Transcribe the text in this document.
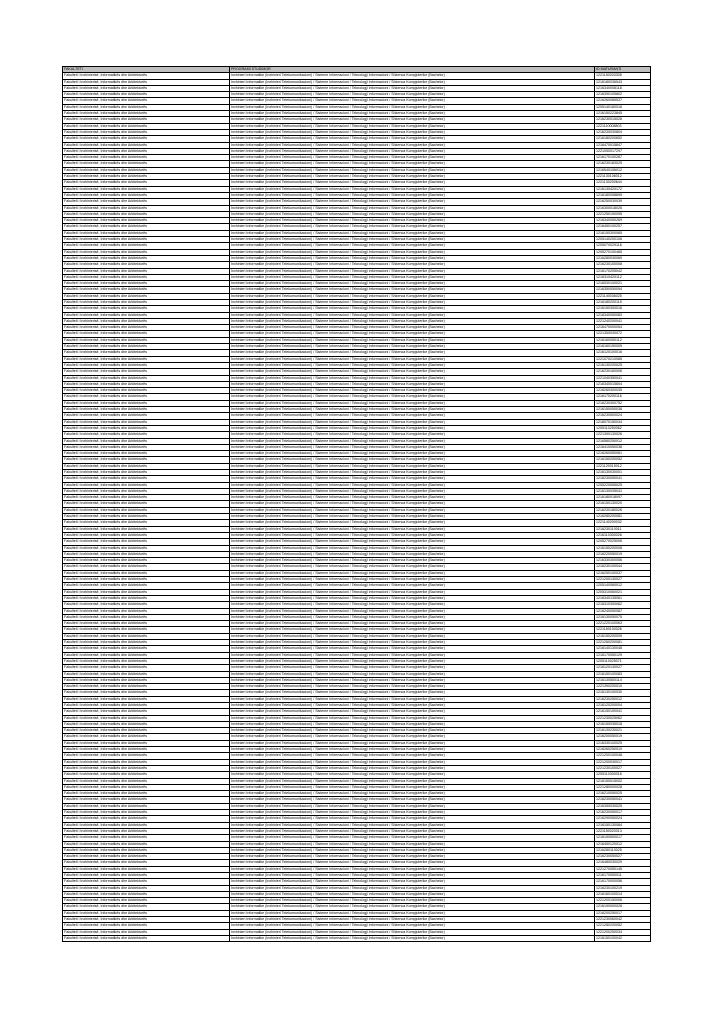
FAKULTETI	PROGRAMI STUDIMOR	ID MATURANTI
Fakulteti i Inxhinierisë, Informatikës dhe Arkitekturës	Inxhinieri Informatike (Inxhinieri Telekomunikacioni) / Sisteme Informacioni / Teknologji Informacioni / Shkenca Kompjuterike (Bachelor)	1221150203305
Fakulteti i Inxhinierisë, Informatikës dhe Arkitekturës	Inxhinieri Informatike (Inxhinieri Telekomunikacioni) / Sisteme Informacioni / Teknologji Informacioni / Shkenca Kompjuterike (Bachelor)	1216180036543
Fakulteti i Inxhinierisë, Informatikës dhe Arkitekturës	Inxhinieri Informatike (Inxhinieri Telekomunikacioni) / Sisteme Informacioni / Teknologji Informacioni / Shkenca Kompjuterike (Bachelor)	1216340008118
Fakulteti i Inxhinierisë, Informatikës dhe Arkitekturës	Inxhinieri Informatike (Inxhinieri Telekomunikacioni) / Sisteme Informacioni / Teknologji Informacioni / Shkenca Kompjuterike (Bachelor)	1216390105802
Fakulteti i Inxhinierisë, Informatikës dhe Arkitekturës	Inxhinieri Informatike (Inxhinieri Telekomunikacioni) / Sisteme Informacioni / Teknologji Informacioni / Shkenca Kompjuterike (Bachelor)	1216260085537
Fakulteti i Inxhinierisë, Informatikës dhe Arkitekturës	Inxhinieri Informatike (Inxhinieri Telekomunikacioni) / Sisteme Informacioni / Teknologji Informacioni / Shkenca Kompjuterike (Bachelor)	1205140160016
Fakulteti i Inxhinierisë, Informatikës dhe Arkitekturës	Inxhinieri Informatike (Inxhinieri Telekomunikacioni) / Sisteme Informacioni / Teknologji Informacioni / Shkenca Kompjuterike (Bachelor)	1216150223845
Fakulteti i Inxhinierisë, Informatikës dhe Arkitekturës	Inxhinieri Informatike (Inxhinieri Telekomunikacioni) / Sisteme Informacioni / Teknologji Informacioni / Shkenca Kompjuterike (Bachelor)	1216230015026
Fakulteti i Inxhinierisë, Informatikës dhe Arkitekturës	Inxhinieri Informatike (Inxhinieri Telekomunikacioni) / Sisteme Informacioni / Teknologji Informacioni / Shkenca Kompjuterike (Bachelor)	1221110008803
Fakulteti i Inxhinierisë, Informatikës dhe Arkitekturës	Inxhinieri Informatike (Inxhinieri Telekomunikacioni) / Sisteme Informacioni / Teknologji Informacioni / Shkenca Kompjuterike (Bachelor)	1216230030804
Fakulteti i Inxhinierisë, Informatikës dhe Arkitekturës	Inxhinieri Informatike (Inxhinieri Telekomunikacioni) / Sisteme Informacioni / Teknologji Informacioni / Shkenca Kompjuterike (Bachelor)	1216180200652
Fakulteti i Inxhinierisë, Informatikës dhe Arkitekturës	Inxhinieri Informatike (Inxhinieri Telekomunikacioni) / Sisteme Informacioni / Teknologji Informacioni / Shkenca Kompjuterike (Bachelor)	1216470015847
Fakulteti i Inxhinierisë, Informatikës dhe Arkitekturës	Inxhinieri Informatike (Inxhinieri Telekomunikacioni) / Sisteme Informacioni / Teknologji Informacioni / Shkenca Kompjuterike (Bachelor)	1221050017297
Fakulteti i Inxhinierisë, Informatikës dhe Arkitekturës	Inxhinieri Informatike (Inxhinieri Telekomunikacioni) / Sisteme Informacioni / Teknologji Informacioni / Shkenca Kompjuterike (Bachelor)	1216170100287
Fakulteti i Inxhinierisë, Informatikës dhe Arkitekturës	Inxhinieri Informatike (Inxhinieri Telekomunikacioni) / Sisteme Informacioni / Teknologji Informacioni / Shkenca Kompjuterike (Bachelor)	1216230183025
Fakulteti i Inxhinierisë, Informatikës dhe Arkitekturës	Inxhinieri Informatike (Inxhinieri Telekomunikacioni) / Sisteme Informacioni / Teknologji Informacioni / Shkenca Kompjuterike (Bachelor)	1216540106012
Fakulteti i Inxhinierisë, Informatikës dhe Arkitekturës	Inxhinieri Informatike (Inxhinieri Telekomunikacioni) / Sisteme Informacioni / Teknologji Informacioni / Shkenca Kompjuterike (Bachelor)	1221130106012
Fakulteti i Inxhinierisë, Informatikës dhe Arkitekturës	Inxhinieri Informatike (Inxhinieri Telekomunikacioni) / Sisteme Informacioni / Teknologji Informacioni / Shkenca Kompjuterike (Bachelor)	1221130200644
Fakulteti i Inxhinierisë, Informatikës dhe Arkitekturës	Inxhinieri Informatike (Inxhinieri Telekomunikacioni) / Sisteme Informacioni / Teknologji Informacioni / Shkenca Kompjuterike (Bachelor)	1216130420172
Fakulteti i Inxhinierisë, Informatikës dhe Arkitekturës	Inxhinieri Informatike (Inxhinieri Telekomunikacioni) / Sisteme Informacioni / Teknologji Informacioni / Shkenca Kompjuterike (Bachelor)	1216180058895
Fakulteti i Inxhinierisë, Informatikës dhe Arkitekturës	Inxhinieri Informatike (Inxhinieri Telekomunikacioni) / Sisteme Informacioni / Teknologji Informacioni / Shkenca Kompjuterike (Bachelor)	1216250030039
Fakulteti i Inxhinierisë, Informatikës dhe Arkitekturës	Inxhinieri Informatike (Inxhinieri Telekomunikacioni) / Sisteme Informacioni / Teknologji Informacioni / Shkenca Kompjuterike (Bachelor)	1216300018026
Fakulteti i Inxhinierisë, Informatikës dhe Arkitekturës	Inxhinieri Informatike (Inxhinieri Telekomunikacioni) / Sisteme Informacioni / Teknologji Informacioni / Shkenca Kompjuterike (Bachelor)	1221250190095
Fakulteti i Inxhinierisë, Informatikës dhe Arkitekturës	Inxhinieri Informatike (Inxhinieri Telekomunikacioni) / Sisteme Informacioni / Teknologji Informacioni / Shkenca Kompjuterike (Bachelor)	1216340050269
Fakulteti i Inxhinierisë, Informatikës dhe Arkitekturës	Inxhinieri Informatike (Inxhinieri Telekomunikacioni) / Sisteme Informacioni / Teknologji Informacioni / Shkenca Kompjuterike (Bachelor)	1216450100257
Fakulteti i Inxhinierisë, Informatikës dhe Arkitekturës	Inxhinieri Informatike (Inxhinieri Telekomunikacioni) / Sisteme Informacioni / Teknologji Informacioni / Shkenca Kompjuterike (Bachelor)	1216150300065
Fakulteti i Inxhinierisë, Informatikës dhe Arkitekturës	Inxhinieri Informatike (Inxhinieri Telekomunikacioni) / Sisteme Informacioni / Teknologji Informacioni / Shkenca Kompjuterike (Bachelor)	1205140200106
Fakulteti i Inxhinierisë, Informatikës dhe Arkitekturës	Inxhinieri Informatike (Inxhinieri Telekomunikacioni) / Sisteme Informacioni / Teknologji Informacioni / Shkenca Kompjuterike (Bachelor)	1205070029116
Fakulteti i Inxhinierisë, Informatikës dhe Arkitekturës	Inxhinieri Informatike (Inxhinieri Telekomunikacioni) / Sisteme Informacioni / Teknologji Informacioni / Shkenca Kompjuterike (Bachelor)	1205270100465
Fakulteti i Inxhinierisë, Informatikës dhe Arkitekturës	Inxhinieri Informatike (Inxhinieri Telekomunikacioni) / Sisteme Informacioni / Teknologji Informacioni / Shkenca Kompjuterike (Bachelor)	1216280030069
Fakulteti i Inxhinierisë, Informatikës dhe Arkitekturës	Inxhinieri Informatike (Inxhinieri Telekomunikacioni) / Sisteme Informacioni / Teknologji Informacioni / Shkenca Kompjuterike (Bachelor)	1216230100008
Fakulteti i Inxhinierisë, Informatikës dhe Arkitekturës	Inxhinieri Informatike (Inxhinieri Telekomunikacioni) / Sisteme Informacioni / Teknologji Informacioni / Shkenca Kompjuterike (Bachelor)	1216170205042
Fakulteti i Inxhinierisë, Informatikës dhe Arkitekturës	Inxhinieri Informatike (Inxhinieri Telekomunikacioni) / Sisteme Informacioni / Teknologji Informacioni / Shkenca Kompjuterike (Bachelor)	1216310420112
Fakulteti i Inxhinierisë, Informatikës dhe Arkitekturës	Inxhinieri Informatike (Inxhinieri Telekomunikacioni) / Sisteme Informacioni / Teknologji Informacioni / Shkenca Kompjuterike (Bachelor)	1216530100021
Fakulteti i Inxhinierisë, Informatikës dhe Arkitekturës	Inxhinieri Informatike (Inxhinieri Telekomunikacioni) / Sisteme Informacioni / Teknologji Informacioni / Shkenca Kompjuterike (Bachelor)	1216350050094
Fakulteti i Inxhinierisë, Informatikës dhe Arkitekturës	Inxhinieri Informatike (Inxhinieri Telekomunikacioni) / Sisteme Informacioni / Teknologji Informacioni / Shkenca Kompjuterike (Bachelor)	1221140036025
Fakulteti i Inxhinierisë, Informatikës dhe Arkitekturës	Inxhinieri Informatike (Inxhinieri Telekomunikacioni) / Sisteme Informacioni / Teknologji Informacioni / Shkenca Kompjuterike (Bachelor)	1216180200115
Fakulteti i Inxhinierisë, Informatikës dhe Arkitekturës	Inxhinieri Informatike (Inxhinieri Telekomunikacioni) / Sisteme Informacioni / Teknologji Informacioni / Shkenca Kompjuterike (Bachelor)	1216150300016
Fakulteti i Inxhinierisë, Informatikës dhe Arkitekturës	Inxhinieri Informatike (Inxhinieri Telekomunikacioni) / Sisteme Informacioni / Teknologji Informacioni / Shkenca Kompjuterike (Bachelor)	1216340050083
Fakulteti i Inxhinierisë, Informatikës dhe Arkitekturës	Inxhinieri Informatike (Inxhinieri Telekomunikacioni) / Sisteme Informacioni / Teknologji Informacioni / Shkenca Kompjuterike (Bachelor)	1221240200041
Fakulteti i Inxhinierisë, Informatikës dhe Arkitekturës	Inxhinieri Informatike (Inxhinieri Telekomunikacioni) / Sisteme Informacioni / Teknologji Informacioni / Shkenca Kompjuterike (Bachelor)	1216470000054
Fakulteti i Inxhinierisë, Informatikës dhe Arkitekturës	Inxhinieri Informatike (Inxhinieri Telekomunikacioni) / Sisteme Informacioni / Teknologji Informacioni / Shkenca Kompjuterike (Bachelor)	1221350030072
Fakulteti i Inxhinierisë, Informatikës dhe Arkitekturës	Inxhinieri Informatike (Inxhinieri Telekomunikacioni) / Sisteme Informacioni / Teknologji Informacioni / Shkenca Kompjuterike (Bachelor)	1216160050112
Fakulteti i Inxhinierisë, Informatikës dhe Arkitekturës	Inxhinieri Informatike (Inxhinieri Telekomunikacioni) / Sisteme Informacioni / Teknologji Informacioni / Shkenca Kompjuterike (Bachelor)	1216160150005
Fakulteti i Inxhinierisë, Informatikës dhe Arkitekturës	Inxhinieri Informatike (Inxhinieri Telekomunikacioni) / Sisteme Informacioni / Teknologji Informacioni / Shkenca Kompjuterike (Bachelor)	1216120100016
Fakulteti i Inxhinierisë, Informatikës dhe Arkitekturës	Inxhinieri Informatike (Inxhinieri Telekomunikacioni) / Sisteme Informacioni / Teknologji Informacioni / Shkenca Kompjuterike (Bachelor)	1221070210085
Fakulteti i Inxhinierisë, Informatikës dhe Arkitekturës	Inxhinieri Informatike (Inxhinieri Telekomunikacioni) / Sisteme Informacioni / Teknologji Informacioni / Shkenca Kompjuterike (Bachelor)	1216130200025
Fakulteti i Inxhinierisë, Informatikës dhe Arkitekturës	Inxhinieri Informatike (Inxhinieri Telekomunikacioni) / Sisteme Informacioni / Teknologji Informacioni / Shkenca Kompjuterike (Bachelor)	1216230160006
Fakulteti i Inxhinierisë, Informatikës dhe Arkitekturës	Inxhinieri Informatike (Inxhinieri Telekomunikacioni) / Sisteme Informacioni / Teknologji Informacioni / Shkenca Kompjuterike (Bachelor)	1221040350041
Fakulteti i Inxhinierisë, Informatikës dhe Arkitekturës	Inxhinieri Informatike (Inxhinieri Telekomunikacioni) / Sisteme Informacioni / Teknologji Informacioni / Shkenca Kompjuterike (Bachelor)	1216340015804
Fakulteti i Inxhinierisë, Informatikës dhe Arkitekturës	Inxhinieri Informatike (Inxhinieri Telekomunikacioni) / Sisteme Informacioni / Teknologji Informacioni / Shkenca Kompjuterike (Bachelor)	1216260300035
Fakulteti i Inxhinierisë, Informatikës dhe Arkitekturës	Inxhinieri Informatike (Inxhinieri Telekomunikacioni) / Sisteme Informacioni / Teknologji Informacioni / Shkenca Kompjuterike (Bachelor)	1216170200116
Fakulteti i Inxhinierisë, Informatikës dhe Arkitekturës	Inxhinieri Informatike (Inxhinieri Telekomunikacioni) / Sisteme Informacioni / Teknologji Informacioni / Shkenca Kompjuterike (Bachelor)	1216230300752
Fakulteti i Inxhinierisë, Informatikës dhe Arkitekturës	Inxhinieri Informatike (Inxhinieri Telekomunikacioni) / Sisteme Informacioni / Teknologji Informacioni / Shkenca Kompjuterike (Bachelor)	1216150050038
Fakulteti i Inxhinierisë, Informatikës dhe Arkitekturës	Inxhinieri Informatike (Inxhinieri Telekomunikacioni) / Sisteme Informacioni / Teknologji Informacioni / Shkenca Kompjuterike (Bachelor)	1216230500024
Fakulteti i Inxhinierisë, Informatikës dhe Arkitekturës	Inxhinieri Informatike (Inxhinieri Telekomunikacioni) / Sisteme Informacioni / Teknologji Informacioni / Shkenca Kompjuterike (Bachelor)	1216070150034
Fakulteti i Inxhinierisë, Informatikës dhe Arkitekturës	Inxhinieri Informatike (Inxhinieri Telekomunikacioni) / Sisteme Informacioni / Teknologji Informacioni / Shkenca Kompjuterike (Bachelor)	1205110250062
Fakulteti i Inxhinierisë, Informatikës dhe Arkitekturës	Inxhinieri Informatike (Inxhinieri Telekomunikacioni) / Sisteme Informacioni / Teknologji Informacioni / Shkenca Kompjuterike (Bachelor)	1221390130026
Fakulteti i Inxhinierisë, Informatikës dhe Arkitekturës	Inxhinieri Informatike (Inxhinieri Telekomunikacioni) / Sisteme Informacioni / Teknologji Informacioni / Shkenca Kompjuterike (Bachelor)	1216580250012
Fakulteti i Inxhinierisë, Informatikës dhe Arkitekturës	Inxhinieri Informatike (Inxhinieri Telekomunikacioni) / Sisteme Informacioni / Teknologji Informacioni / Shkenca Kompjuterike (Bachelor)	1216410050038
Fakulteti i Inxhinierisë, Informatikës dhe Arkitekturës	Inxhinieri Informatike (Inxhinieri Telekomunikacioni) / Sisteme Informacioni / Teknologji Informacioni / Shkenca Kompjuterike (Bachelor)	1216260050061
Fakulteti i Inxhinierisë, Informatikës dhe Arkitekturës	Inxhinieri Informatike (Inxhinieri Telekomunikacioni) / Sisteme Informacioni / Teknologji Informacioni / Shkenca Kompjuterike (Bachelor)	1216150200052
Fakulteti i Inxhinierisë, Informatikës dhe Arkitekturës	Inxhinieri Informatike (Inxhinieri Telekomunikacioni) / Sisteme Informacioni / Teknologji Informacioni / Shkenca Kompjuterike (Bachelor)	1221120015012
Fakulteti i Inxhinierisë, Informatikës dhe Arkitekturës	Inxhinieri Informatike (Inxhinieri Telekomunikacioni) / Sisteme Informacioni / Teknologji Informacioni / Shkenca Kompjuterike (Bachelor)	1216130030001
Fakulteti i Inxhinierisë, Informatikës dhe Arkitekturës	Inxhinieri Informatike (Inxhinieri Telekomunikacioni) / Sisteme Informacioni / Teknologji Informacioni / Shkenca Kompjuterike (Bachelor)	1216230050041
Fakulteti i Inxhinierisë, Informatikës dhe Arkitekturës	Inxhinieri Informatike (Inxhinieri Telekomunikacioni) / Sisteme Informacioni / Teknologji Informacioni / Shkenca Kompjuterike (Bachelor)	1205220065025
Fakulteti i Inxhinierisë, Informatikës dhe Arkitekturës	Inxhinieri Informatike (Inxhinieri Telekomunikacioni) / Sisteme Informacioni / Teknologji Informacioni / Shkenca Kompjuterike (Bachelor)	1216130035041
Fakulteti i Inxhinierisë, Informatikës dhe Arkitekturës	Inxhinieri Informatike (Inxhinieri Telekomunikacioni) / Sisteme Informacioni / Teknologji Informacioni / Shkenca Kompjuterike (Bachelor)	1216180018097
Fakulteti i Inxhinierisë, Informatikës dhe Arkitekturës	Inxhinieri Informatike (Inxhinieri Telekomunikacioni) / Sisteme Informacioni / Teknologji Informacioni / Shkenca Kompjuterike (Bachelor)	1216150130020
Fakulteti i Inxhinierisë, Informatikës dhe Arkitekturës	Inxhinieri Informatike (Inxhinieri Telekomunikacioni) / Sisteme Informacioni / Teknologji Informacioni / Shkenca Kompjuterike (Bachelor)	1216230180026
Fakulteti i Inxhinierisë, Informatikës dhe Arkitekturës	Inxhinieri Informatike (Inxhinieri Telekomunikacioni) / Sisteme Informacioni / Teknologji Informacioni / Shkenca Kompjuterike (Bachelor)	1216280200081
Fakulteti i Inxhinierisë, Informatikës dhe Arkitekturës	Inxhinieri Informatike (Inxhinieri Telekomunikacioni) / Sisteme Informacioni / Teknologji Informacioni / Shkenca Kompjuterike (Bachelor)	1221140200032
Fakulteti i Inxhinierisë, Informatikës dhe Arkitekturës	Inxhinieri Informatike (Inxhinieri Telekomunikacioni) / Sisteme Informacioni / Teknologji Informacioni / Shkenca Kompjuterike (Bachelor)	1216230110011
Fakulteti i Inxhinierisë, Informatikës dhe Arkitekturës	Inxhinieri Informatike (Inxhinieri Telekomunikacioni) / Sisteme Informacioni / Teknologji Informacioni / Shkenca Kompjuterike (Bachelor)	1216110300026
Fakulteti i Inxhinierisë, Informatikës dhe Arkitekturës	Inxhinieri Informatike (Inxhinieri Telekomunikacioni) / Sisteme Informacioni / Teknologji Informacioni / Shkenca Kompjuterike (Bachelor)	1205270025006
Fakulteti i Inxhinierisë, Informatikës dhe Arkitekturës	Inxhinieri Informatike (Inxhinieri Telekomunikacioni) / Sisteme Informacioni / Teknologji Informacioni / Shkenca Kompjuterike (Bachelor)	1216150200008
Fakulteti i Inxhinierisë, Informatikës dhe Arkitekturës	Inxhinieri Informatike (Inxhinieri Telekomunikacioni) / Sisteme Informacioni / Teknologji Informacioni / Shkenca Kompjuterike (Bachelor)	1216220050019
Fakulteti i Inxhinierisë, Informatikës dhe Arkitekturës	Inxhinieri Informatike (Inxhinieri Telekomunikacioni) / Sisteme Informacioni / Teknologji Informacioni / Shkenca Kompjuterike (Bachelor)	1216330300056
Fakulteti i Inxhinierisë, Informatikës dhe Arkitekturës	Inxhinieri Informatike (Inxhinieri Telekomunikacioni) / Sisteme Informacioni / Teknologji Informacioni / Shkenca Kompjuterike (Bachelor)	1216230100044
Fakulteti i Inxhinierisë, Informatikës dhe Arkitekturës	Inxhinieri Informatike (Inxhinieri Telekomunikacioni) / Sisteme Informacioni / Teknologji Informacioni / Shkenca Kompjuterike (Bachelor)	1216250100037
Fakulteti i Inxhinierisë, Informatikës dhe Arkitekturës	Inxhinieri Informatike (Inxhinieri Telekomunikacioni) / Sisteme Informacioni / Teknologji Informacioni / Shkenca Kompjuterike (Bachelor)	1221200130027
Fakulteti i Inxhinierisë, Informatikës dhe Arkitekturës	Inxhinieri Informatike (Inxhinieri Telekomunikacioni) / Sisteme Informacioni / Teknologji Informacioni / Shkenca Kompjuterike (Bachelor)	1205140060012
Fakulteti i Inxhinierisë, Informatikës dhe Arkitekturës	Inxhinieri Informatike (Inxhinieri Telekomunikacioni) / Sisteme Informacioni / Teknologji Informacioni / Shkenca Kompjuterike (Bachelor)	1205310060021
Fakulteti i Inxhinierisë, Informatikës dhe Arkitekturës	Inxhinieri Informatike (Inxhinieri Telekomunikacioni) / Sisteme Informacioni / Teknologji Informacioni / Shkenca Kompjuterike (Bachelor)	1216340135061
Fakulteti i Inxhinierisë, Informatikës dhe Arkitekturës	Inxhinieri Informatike (Inxhinieri Telekomunikacioni) / Sisteme Informacioni / Teknologji Informacioni / Shkenca Kompjuterike (Bachelor)	1216310300062
Fakulteti i Inxhinierisë, Informatikës dhe Arkitekturës	Inxhinieri Informatike (Inxhinieri Telekomunikacioni) / Sisteme Informacioni / Teknologji Informacioni / Shkenca Kompjuterike (Bachelor)	1216240050087
Fakulteti i Inxhinierisë, Informatikës dhe Arkitekturës	Inxhinieri Informatike (Inxhinieri Telekomunikacioni) / Sisteme Informacioni / Teknologji Informacioni / Shkenca Kompjuterike (Bachelor)	1216130050075
Fakulteti i Inxhinierisë, Informatikës dhe Arkitekturës	Inxhinieri Informatike (Inxhinieri Telekomunikacioni) / Sisteme Informacioni / Teknologji Informacioni / Shkenca Kompjuterike (Bachelor)	1221220100063
Fakulteti i Inxhinierisë, Informatikës dhe Arkitekturës	Inxhinieri Informatike (Inxhinieri Telekomunikacioni) / Sisteme Informacioni / Teknologji Informacioni / Shkenca Kompjuterike (Bachelor)	1221150100026
Fakulteti i Inxhinierisë, Informatikës dhe Arkitekturës	Inxhinieri Informatike (Inxhinieri Telekomunikacioni) / Sisteme Informacioni / Teknologji Informacioni / Shkenca Kompjuterike (Bachelor)	1216150200009
Fakulteti i Inxhinierisë, Informatikës dhe Arkitekturës	Inxhinieri Informatike (Inxhinieri Telekomunikacioni) / Sisteme Informacioni / Teknologji Informacioni / Shkenca Kompjuterike (Bachelor)	1221260200081
Fakulteti i Inxhinierisë, Informatikës dhe Arkitekturës	Inxhinieri Informatike (Inxhinieri Telekomunikacioni) / Sisteme Informacioni / Teknologji Informacioni / Shkenca Kompjuterike (Bachelor)	1216140130048
Fakulteti i Inxhinierisë, Informatikës dhe Arkitekturës	Inxhinieri Informatike (Inxhinieri Telekomunikacioni) / Sisteme Informacioni / Teknologji Informacioni / Shkenca Kompjuterike (Bachelor)	1216170050129
Fakulteti i Inxhinierisë, Informatikës dhe Arkitekturës	Inxhinieri Informatike (Inxhinieri Telekomunikacioni) / Sisteme Informacioni / Teknologji Informacioni / Shkenca Kompjuterike (Bachelor)	1205110025071
Fakulteti i Inxhinierisë, Informatikës dhe Arkitekturës	Inxhinieri Informatike (Inxhinieri Telekomunikacioni) / Sisteme Informacioni / Teknologji Informacioni / Shkenca Kompjuterike (Bachelor)	1216120130027
Fakulteti i Inxhinierisë, Informatikës dhe Arkitekturës	Inxhinieri Informatike (Inxhinieri Telekomunikacioni) / Sisteme Informacioni / Teknologji Informacioni / Shkenca Kompjuterike (Bachelor)	1216150100083
Fakulteti i Inxhinierisë, Informatikës dhe Arkitekturës	Inxhinieri Informatike (Inxhinieri Telekomunikacioni) / Sisteme Informacioni / Teknologji Informacioni / Shkenca Kompjuterike (Bachelor)	1216130500114
Fakulteti i Inxhinierisë, Informatikës dhe Arkitekturës	Inxhinieri Informatike (Inxhinieri Telekomunikacioni) / Sisteme Informacioni / Teknologji Informacioni / Shkenca Kompjuterike (Bachelor)	1221390200010
Fakulteti i Inxhinierisë, Informatikës dhe Arkitekturës	Inxhinieri Informatike (Inxhinieri Telekomunikacioni) / Sisteme Informacioni / Teknologji Informacioni / Shkenca Kompjuterike (Bachelor)	1216130100030
Fakulteti i Inxhinierisë, Informatikës dhe Arkitekturës	Inxhinieri Informatike (Inxhinieri Telekomunikacioni) / Sisteme Informacioni / Teknologji Informacioni / Shkenca Kompjuterike (Bachelor)	1216230250012
Fakulteti i Inxhinierisë, Informatikës dhe Arkitekturës	Inxhinieri Informatike (Inxhinieri Telekomunikacioni) / Sisteme Informacioni / Teknologji Informacioni / Shkenca Kompjuterike (Bachelor)	1216120200004
Fakulteti i Inxhinierisë, Informatikës dhe Arkitekturës	Inxhinieri Informatike (Inxhinieri Telekomunikacioni) / Sisteme Informacioni / Teknologji Informacioni / Shkenca Kompjuterike (Bachelor)	1216150100041
Fakulteti i Inxhinierisë, Informatikës dhe Arkitekturës	Inxhinieri Informatike (Inxhinieri Telekomunikacioni) / Sisteme Informacioni / Teknologji Informacioni / Shkenca Kompjuterike (Bachelor)	1221230025062
Fakulteti i Inxhinierisë, Informatikës dhe Arkitekturës	Inxhinieri Informatike (Inxhinieri Telekomunikacioni) / Sisteme Informacioni / Teknologji Informacioni / Shkenca Kompjuterike (Bachelor)	1216150035018
Fakulteti i Inxhinierisë, Informatikës dhe Arkitekturës	Inxhinieri Informatike (Inxhinieri Telekomunikacioni) / Sisteme Informacioni / Teknologji Informacioni / Shkenca Kompjuterike (Bachelor)	1216130230021
Fakulteti i Inxhinierisë, Informatikës dhe Arkitekturës	Inxhinieri Informatike (Inxhinieri Telekomunikacioni) / Sisteme Informacioni / Teknologji Informacioni / Shkenca Kompjuterike (Bachelor)	1216200050019
Fakulteti i Inxhinierisë, Informatikës dhe Arkitekturës	Inxhinieri Informatike (Inxhinieri Telekomunikacioni) / Sisteme Informacioni / Teknologji Informacioni / Shkenca Kompjuterike (Bachelor)	1216330100025
Fakulteti i Inxhinierisë, Informatikës dhe Arkitekturës	Inxhinieri Informatike (Inxhinieri Telekomunikacioni) / Sisteme Informacioni / Teknologji Informacioni / Shkenca Kompjuterike (Bachelor)	1216260250010
Fakulteti i Inxhinierisë, Informatikës dhe Arkitekturës	Inxhinieri Informatike (Inxhinieri Telekomunikacioni) / Sisteme Informacioni / Teknologji Informacioni / Shkenca Kompjuterike (Bachelor)	1221200100048
Fakulteti i Inxhinierisë, Informatikës dhe Arkitekturës	Inxhinieri Informatike (Inxhinieri Telekomunikacioni) / Sisteme Informacioni / Teknologji Informacioni / Shkenca Kompjuterike (Bachelor)	1221200030017
Fakulteti i Inxhinierisë, Informatikës dhe Arkitekturës	Inxhinieri Informatike (Inxhinieri Telekomunikacioni) / Sisteme Informacioni / Teknologji Informacioni / Shkenca Kompjuterike (Bachelor)	1221230100027
Fakulteti i Inxhinierisë, Informatikës dhe Arkitekturës	Inxhinieri Informatike (Inxhinieri Telekomunikacioni) / Sisteme Informacioni / Teknologji Informacioni / Shkenca Kompjuterike (Bachelor)	1205110300016
Fakulteti i Inxhinierisë, Informatikës dhe Arkitekturës	Inxhinieri Informatike (Inxhinieri Telekomunikacioni) / Sisteme Informacioni / Teknologji Informacioni / Shkenca Kompjuterike (Bachelor)	1216150015002
Fakulteti i Inxhinierisë, Informatikës dhe Arkitekturës	Inxhinieri Informatike (Inxhinieri Telekomunikacioni) / Sisteme Informacioni / Teknologji Informacioni / Shkenca Kompjuterike (Bachelor)	1221280000028
Fakulteti i Inxhinierisë, Informatikës dhe Arkitekturës	Inxhinieri Informatike (Inxhinieri Telekomunikacioni) / Sisteme Informacioni / Teknologji Informacioni / Shkenca Kompjuterike (Bachelor)	1216210050025
Fakulteti i Inxhinierisë, Informatikës dhe Arkitekturës	Inxhinieri Informatike (Inxhinieri Telekomunikacioni) / Sisteme Informacioni / Teknologji Informacioni / Shkenca Kompjuterike (Bachelor)	1216230050041
Fakulteti i Inxhinierisë, Informatikës dhe Arkitekturës	Inxhinieri Informatike (Inxhinieri Telekomunikacioni) / Sisteme Informacioni / Teknologji Informacioni / Shkenca Kompjuterike (Bachelor)	1216350030025
Fakulteti i Inxhinierisë, Informatikës dhe Arkitekturës	Inxhinieri Informatike (Inxhinieri Telekomunikacioni) / Sisteme Informacioni / Teknologji Informacioni / Shkenca Kompjuterike (Bachelor)	1216230050017
Fakulteti i Inxhinierisë, Informatikës dhe Arkitekturës	Inxhinieri Informatike (Inxhinieri Telekomunikacioni) / Sisteme Informacioni / Teknologji Informacioni / Shkenca Kompjuterike (Bachelor)	1216290050024
Fakulteti i Inxhinierisë, Informatikës dhe Arkitekturës	Inxhinieri Informatike (Inxhinieri Telekomunikacioni) / Sisteme Informacioni / Teknologji Informacioni / Shkenca Kompjuterike (Bachelor)	1216150130084
Fakulteti i Inxhinierisë, Informatikës dhe Arkitekturës	Inxhinieri Informatike (Inxhinieri Telekomunikacioni) / Sisteme Informacioni / Teknologji Informacioni / Shkenca Kompjuterike (Bachelor)	1221150020013
Fakulteti i Inxhinierisë, Informatikës dhe Arkitekturës	Inxhinieri Informatike (Inxhinieri Telekomunikacioni) / Sisteme Informacioni / Teknologji Informacioni / Shkenca Kompjuterike (Bachelor)	1216190500017
Fakulteti i Inxhinierisë, Informatikës dhe Arkitekturës	Inxhinieri Informatike (Inxhinieri Telekomunikacioni) / Sisteme Informacioni / Teknologji Informacioni / Shkenca Kompjuterike (Bachelor)	1216450120012
Fakulteti i Inxhinierisë, Informatikës dhe Arkitekturës	Inxhinieri Informatike (Inxhinieri Telekomunikacioni) / Sisteme Informacioni / Teknologji Informacioni / Shkenca Kompjuterike (Bachelor)	1216280110025
Fakulteti i Inxhinierisë, Informatikës dhe Arkitekturës	Inxhinieri Informatike (Inxhinieri Telekomunikacioni) / Sisteme Informacioni / Teknologji Informacioni / Shkenca Kompjuterike (Bachelor)	1216230050027
Fakulteti i Inxhinierisë, Informatikës dhe Arkitekturës	Inxhinieri Informatike (Inxhinieri Telekomunikacioni) / Sisteme Informacioni / Teknologji Informacioni / Shkenca Kompjuterike (Bachelor)	1216480030029
Fakulteti i Inxhinierisë, Informatikës dhe Arkitekturës	Inxhinieri Informatike (Inxhinieri Telekomunikacioni) / Sisteme Informacioni / Teknologji Informacioni / Shkenca Kompjuterike (Bachelor)	1221270050145
Fakulteti i Inxhinierisë, Informatikës dhe Arkitekturës	Inxhinieri Informatike (Inxhinieri Telekomunikacioni) / Sisteme Informacioni / Teknologji Informacioni / Shkenca Kompjuterike (Bachelor)	1216170050011
Fakulteti i Inxhinierisë, Informatikës dhe Arkitekturës	Inxhinieri Informatike (Inxhinieri Telekomunikacioni) / Sisteme Informacioni / Teknologji Informacioni / Shkenca Kompjuterike (Bachelor)	1216170000056
Fakulteti i Inxhinierisë, Informatikës dhe Arkitekturës	Inxhinieri Informatike (Inxhinieri Telekomunikacioni) / Sisteme Informacioni / Teknologji Informacioni / Shkenca Kompjuterike (Bachelor)	1216230100219
Fakulteti i Inxhinierisë, Informatikës dhe Arkitekturës	Inxhinieri Informatike (Inxhinieri Telekomunikacioni) / Sisteme Informacioni / Teknologji Informacioni / Shkenca Kompjuterike (Bachelor)	1216160100014
Fakulteti i Inxhinierisë, Informatikës dhe Arkitekturës	Inxhinieri Informatike (Inxhinieri Telekomunikacioni) / Sisteme Informacioni / Teknologji Informacioni / Shkenca Kompjuterike (Bachelor)	1221200150006
Fakulteti i Inxhinierisë, Informatikës dhe Arkitekturës	Inxhinieri Informatike (Inxhinieri Telekomunikacioni) / Sisteme Informacioni / Teknologji Informacioni / Shkenca Kompjuterike (Bachelor)	1216190000028
Fakulteti i Inxhinierisë, Informatikës dhe Arkitekturës	Inxhinieri Informatike (Inxhinieri Telekomunikacioni) / Sisteme Informacioni / Teknologji Informacioni / Shkenca Kompjuterike (Bachelor)	1216200250017
Fakulteti i Inxhinierisë, Informatikës dhe Arkitekturës	Inxhinieri Informatike (Inxhinieri Telekomunikacioni) / Sisteme Informacioni / Teknologji Informacioni / Shkenca Kompjuterike (Bachelor)	1221230060042
Fakulteti i Inxhinierisë, Informatikës dhe Arkitekturës	Inxhinieri Informatike (Inxhinieri Telekomunikacioni) / Sisteme Informacioni / Teknologji Informacioni / Shkenca Kompjuterike (Bachelor)	1221280200052
Fakulteti i Inxhinierisë, Informatikës dhe Arkitekturës	Inxhinieri Informatike (Inxhinieri Telekomunikacioni) / Sisteme Informacioni / Teknologji Informacioni / Shkenca Kompjuterike (Bachelor)	1221200250034
Fakulteti i Inxhinierisë, Informatikës dhe Arkitekturës	Inxhinieri Informatike (Inxhinieri Telekomunikacioni) / Sisteme Informacioni / Teknologji Informacioni / Shkenca Kompjuterike (Bachelor)	1216150100042
